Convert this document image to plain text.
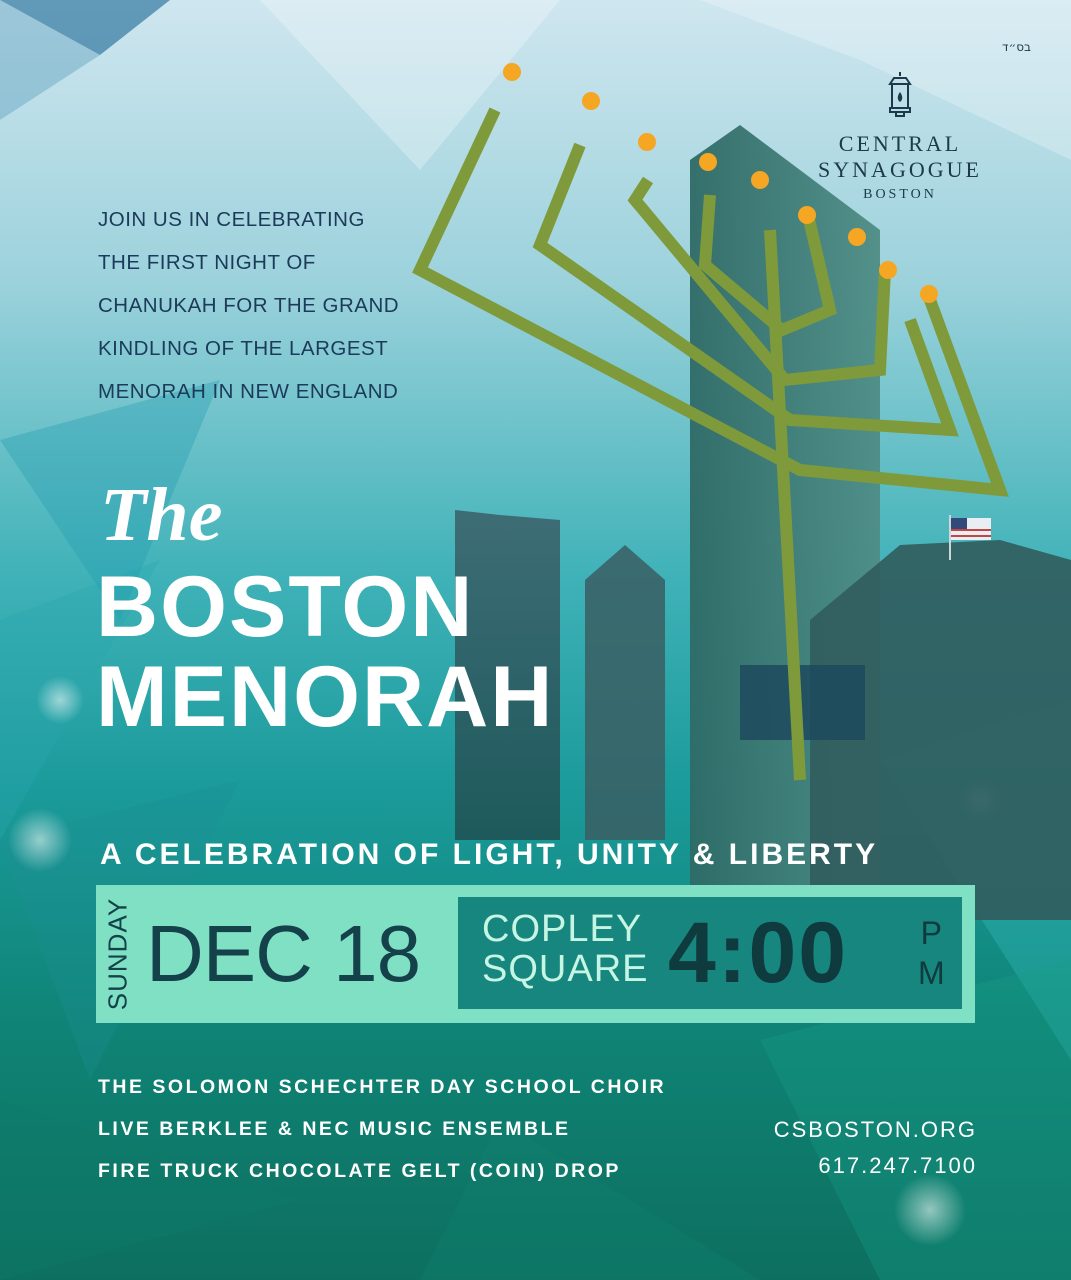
בס״ד
CENTRAL
SYNAGOGUE
BOSTON
JOIN US IN CELEBRATING
THE FIRST NIGHT OF
CHANUKAH FOR THE GRAND
KINDLING OF THE LARGEST
MENORAH IN NEW ENGLAND
The
BOSTON
MENORAH
A CELEBRATION OF LIGHT, UNITY & LIBERTY
SUNDAY DEC 18 COPLEY
SQUARE 4:00 P
M
THE SOLOMON SCHECHTER DAY SCHOOL CHOIR
LIVE BERKLEE & NEC MUSIC ENSEMBLE
FIRE TRUCK CHOCOLATE GELT (COIN) DROP
CSBOSTON.ORG
617.247.7100
